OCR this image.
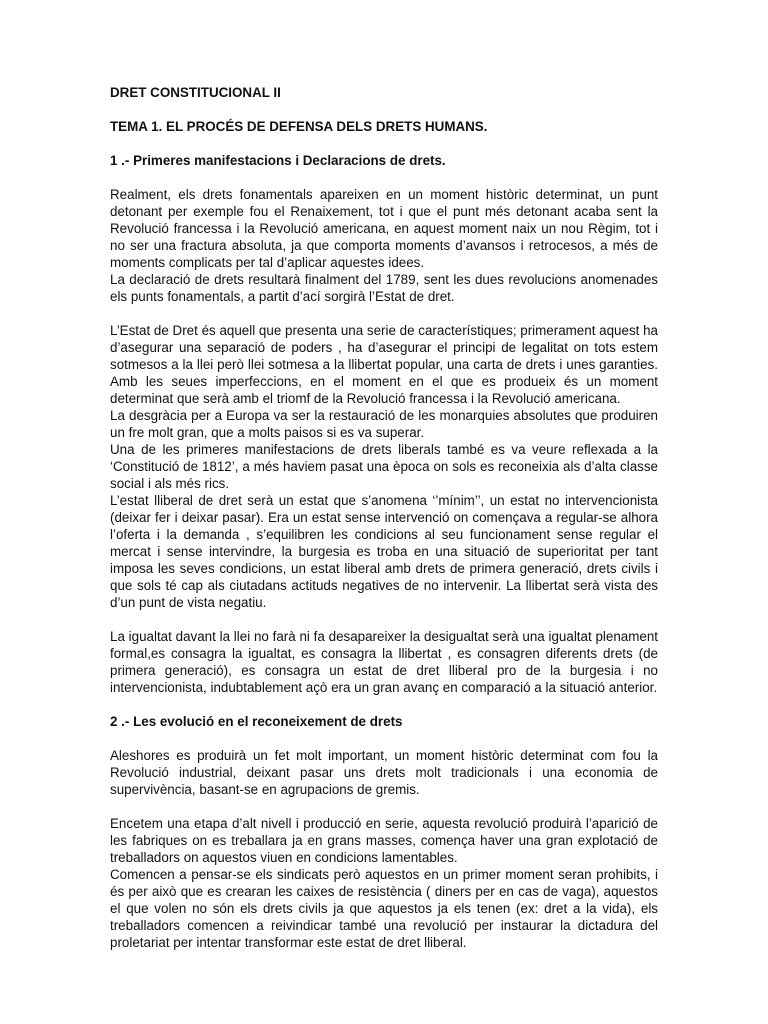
DRET CONSTITUCIONAL II
TEMA 1. EL PROCÉS DE DEFENSA DELS DRETS HUMANS.
1 .- Primeres manifestacions i Declaracions de drets.

Realment, els drets fonamentals apareixen en un moment històric determinat, un punt detonant per exemple fou el Renaixement, tot i que el punt més detonant acaba sent la Revolució francessa i la Revolució americana, en aquest moment naix un nou Règim, tot i no ser una fractura absoluta, ja que comporta moments d’avansos i retrocesos, a més de moments complicats per tal d’aplicar aquestes idees.

La declaració de drets resultarà finalment del 1789, sent les dues revolucions anomenades els punts fonamentals, a partit d’ací sorgirà l’Estat de dret.

L’Estat de Dret és aquell que presenta una serie de característiques; primerament aquest ha d’asegurar una separació de poders , ha d’asegurar el principi de legalitat on tots estem sotmesos a la llei però llei sotmesa a la llibertat popular, una carta de drets i unes garanties. Amb les seues imperfeccions, en el moment en el que es produeix és un moment determinat que serà amb el triomf de la Revolució francessa i la Revolució americana.

La desgràcia per a Europa va ser la restauració de les monarquies absolutes que produiren un fre molt gran, que a molts paisos si es va superar.

Una de les primeres manifestacions de drets liberals també es va veure reflexada a la ‘Constitució de 1812’, a més haviem pasat una època on sols es reconeixia als d’alta classe social i als més rics.

L’estat lliberal de dret serà un estat que s’anomena ‘’mínim’’, un estat no intervencionista (deixar fer i deixar pasar). Era un estat sense intervenció on començava a regular-se alhora l’oferta i la demanda , s’equilibren les condicions al seu funcionament sense regular el mercat i sense intervindre, la burgesia es troba en una situació de superioritat per tant imposa les seves condicions, un estat liberal amb drets de primera generació, drets civils i que sols té cap als ciutadans actituds negatives de no intervenir. La llibertat serà vista des d’un punt de vista negatiu.

La igualtat davant la llei no farà ni fa desapareixer la desigualtat serà una igualtat plenament formal,es consagra la igualtat, es consagra la llibertat , es consagren diferents drets (de primera generació), es consagra un estat de dret lliberal pro de la burgesia i no intervencionista, indubtablement açò era un gran avanç en comparació a la situació anterior.

2 .- Les evolució en el reconeixement de drets

Aleshores es produirà un fet molt important, un moment històric determinat com fou la Revolució industrial, deixant pasar uns drets molt tradicionals i una economia de supervivència, basant-se en agrupacions de gremis.

Encetem una etapa d’alt nivell i producció en serie, aquesta revolució produirà l’aparició de les fabriques on es treballara ja en grans masses, comença haver una gran explotació de treballadors on aquestos viuen en condicions lamentables.

Comencen a pensar-se els sindicats però aquestos en un primer moment seran prohibits, i és per això que es crearan les caixes de resistència ( diners per en cas de vaga), aquestos el que volen no són els drets civils ja que aquestos ja els tenen (ex: dret a la vida), els treballadors comencen a reivindicar també una revolució per instaurar la dictadura del proletariat per intentar transformar este estat de dret lliberal.
